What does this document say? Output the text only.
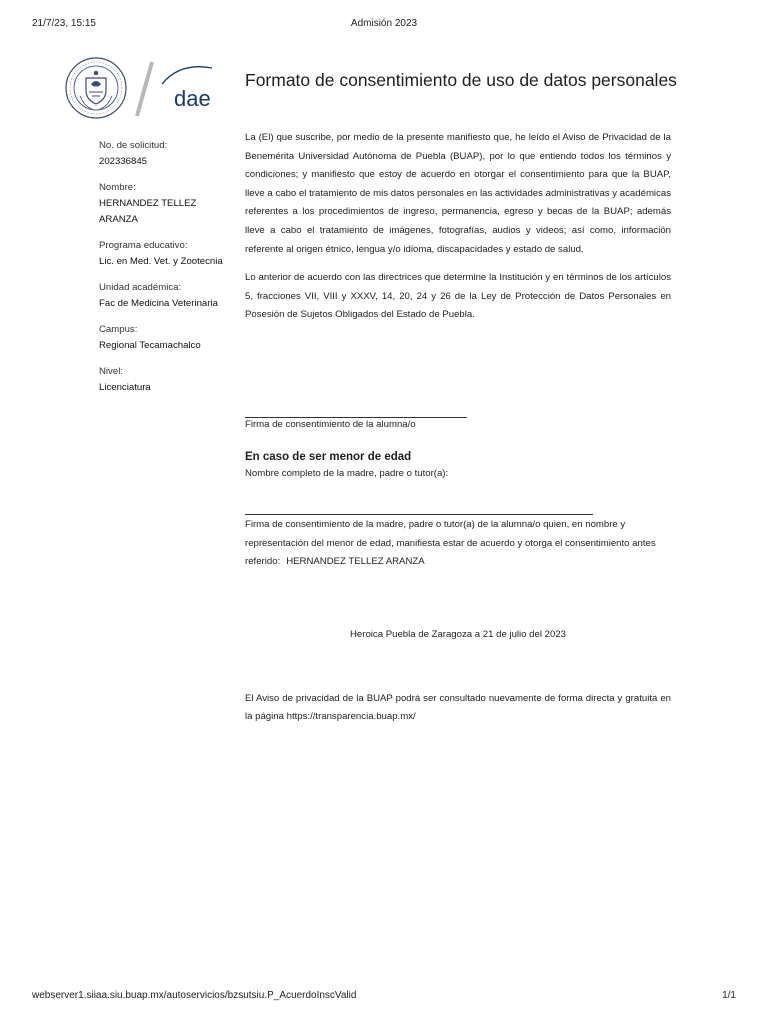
21/7/23, 15:15	Admisión 2023
dae
Formato de consentimiento de uso de datos personales
No. de solicitud:
202336845
Nombre:
HERNANDEZ TELLEZ ARANZA
Programa educativo:
Lic. en Med. Vet. y Zootecnia
Unidad académica:
Fac de Medicina Veterinaria
Campus:
Regional Tecamachalco
Nivel:
Licenciatura

La (El) que suscribe, por medio de la presente manifiesto que, he leído el Aviso de Privacidad de la Benemérita Universidad Autónoma de Puebla (BUAP), por lo que entiendo todos los términos y condiciones; y manifiesto que estoy de acuerdo en otorgar el consentimiento para que la BUAP, lleve a cabo el tratamiento de mis datos personales en las actividades administrativas y académicas referentes a los procedimientos de ingreso, permanencia, egreso y becas de la BUAP; además lleve a cabo el tratamiento de imágenes, fotografías, audios y videos; así como, información referente al origen étnico, lengua y/o idioma, discapacidades y estado de salud.

Lo anterior de acuerdo con las directrices que determine la Institución y en términos de los artículos 5, fracciones VII, VIII y XXXV, 14, 20, 24 y 26 de la Ley de Protección de Datos Personales en Posesión de Sujetos Obligados del Estado de Puebla.

Firma de consentimiento de la alumna/o
En caso de ser menor de edad
Nombre completo de la madre, padre o tutor(a):

Firma de consentimiento de la madre, padre o tutor(a) de la alumna/o quien, en nombre y representación del menor de edad, manifiesta estar de acuerdo y otorga el consentimiento antes referido: HERNANDEZ TELLEZ ARANZA

Heroica Puebla de Zaragoza a 21 de julio del 2023

El Aviso de privacidad de la BUAP podrá ser consultado nuevamente de forma directa y gratuita en la página https://transparencia.buap.mx/

webserver1.siiaa.siu.buap.mx/autoservicios/bzsutsiu.P_AcuerdoInscValid	1/1
